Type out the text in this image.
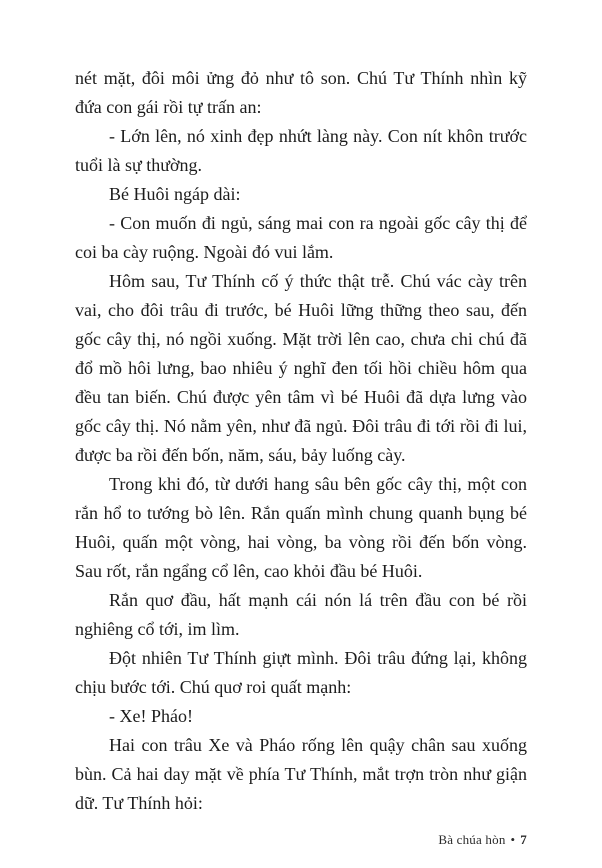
nét mặt, đôi môi ửng đỏ như tô son. Chú Tư Thính nhìn kỹ đứa con gái rồi tự trấn an:

- Lớn lên, nó xinh đẹp nhứt làng này. Con nít khôn trước tuổi là sự thường.

Bé Huôi ngáp dài:

- Con muốn đi ngủ, sáng mai con ra ngoài gốc cây thị để coi ba cày ruộng. Ngoài đó vui lắm.

Hôm sau, Tư Thính cố ý thức thật trễ. Chú vác cày trên vai, cho đôi trâu đi trước, bé Huôi lững thững theo sau, đến gốc cây thị, nó ngồi xuống. Mặt trời lên cao, chưa chi chú đã đổ mồ hôi lưng, bao nhiêu ý nghĩ đen tối hồi chiều hôm qua đều tan biến. Chú được yên tâm vì bé Huôi đã dựa lưng vào gốc cây thị. Nó nằm yên, như đã ngủ. Đôi trâu đi tới rồi đi lui, được ba rồi đến bốn, năm, sáu, bảy luống cày.

Trong khi đó, từ dưới hang sâu bên gốc cây thị, một con rắn hổ to tướng bò lên. Rắn quấn mình chung quanh bụng bé Huôi, quấn một vòng, hai vòng, ba vòng rồi đến bốn vòng. Sau rốt, rắn ngẩng cổ lên, cao khỏi đầu bé Huôi.

Rắn quơ đầu, hất mạnh cái nón lá trên đầu con bé rồi nghiêng cổ tới, im lìm.

Đột nhiên Tư Thính giựt mình. Đôi trâu đứng lại, không chịu bước tới. Chú quơ roi quất mạnh:

- Xe! Pháo!

Hai con trâu Xe và Pháo rống lên quậy chân sau xuống bùn. Cả hai day mặt về phía Tư Thính, mắt trợn tròn như giận dữ. Tư Thính hỏi:

Bà chúa hòn • 7
